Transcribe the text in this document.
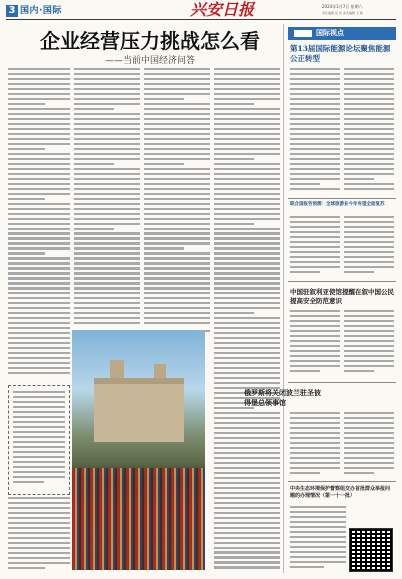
3 国内·国际	兴安日报	2024年1月7日 星期六
责任编辑 张 伟 美术编辑 王 敏
企业经营压力挑战怎么看
——当前中国经济问答
国际视点
第13届国际能源论坛聚焦能源公正转型
联合国报告预测：全球旅游业今年有望全面复苏
中国驻叙利亚使馆提醒在叙中国公民提高安全防范意识
俄罗斯将关闭波兰驻圣彼得堡总领事馆
中央生态环境保护督察组交办首批群众举报问题的办理情况（第一十一批）
